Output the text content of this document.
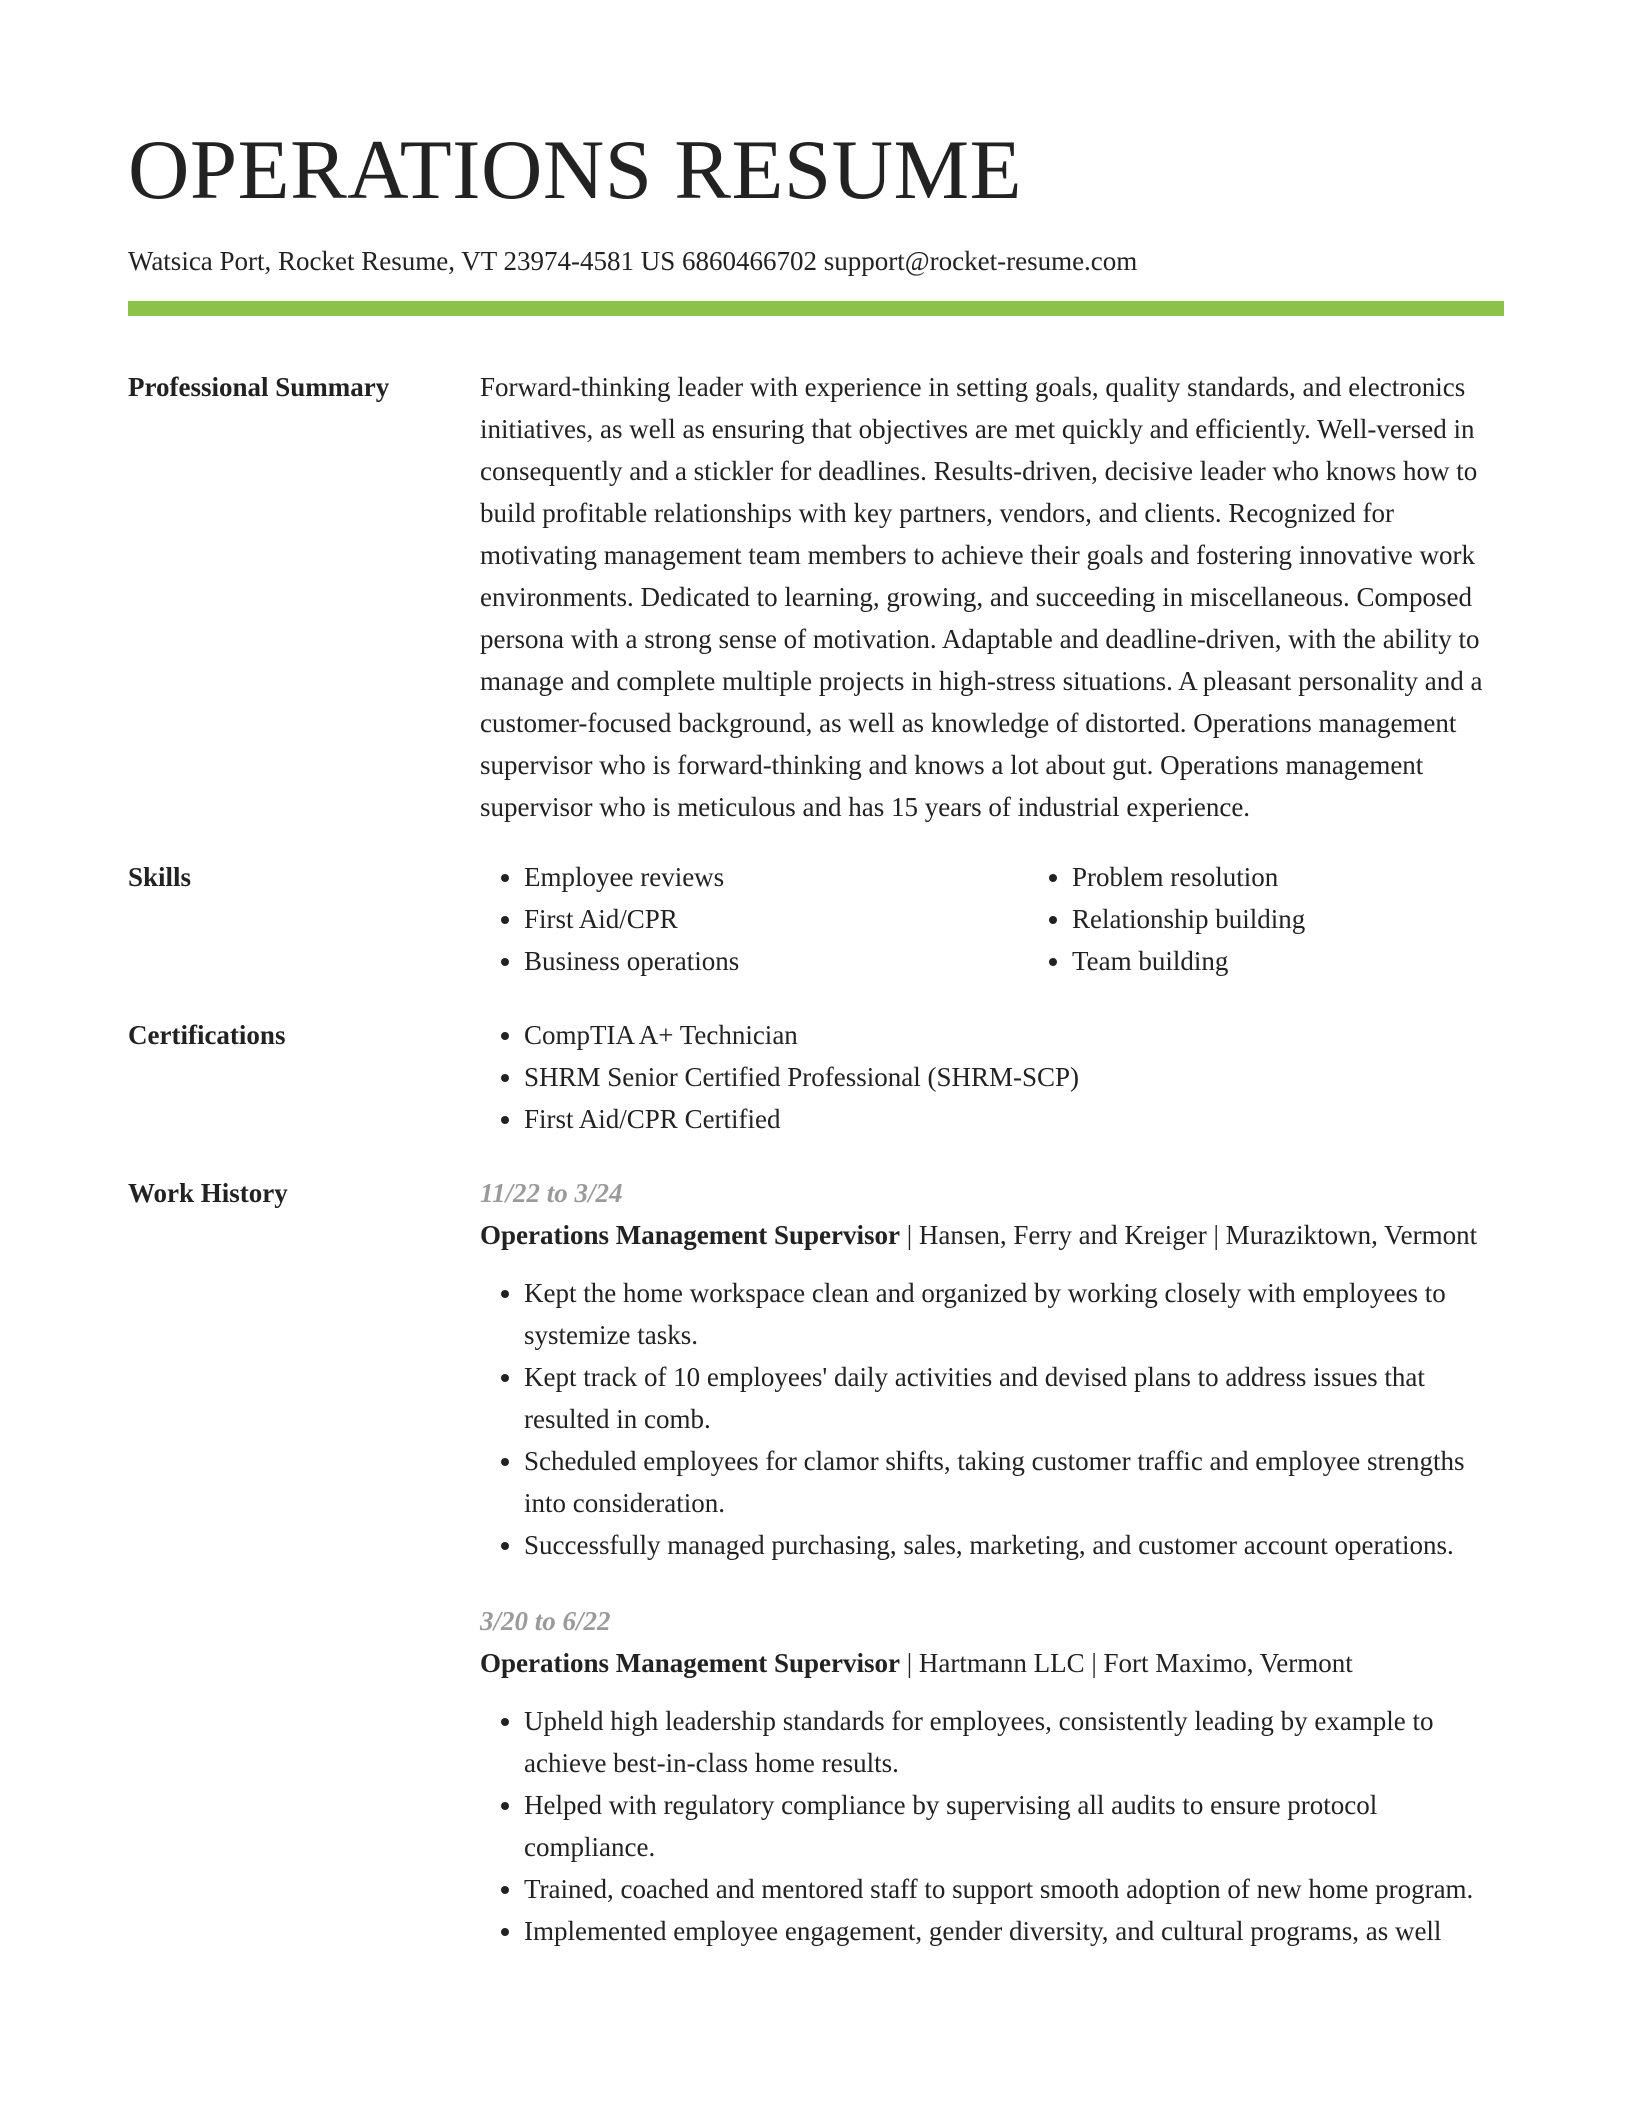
OPERATIONS RESUME
Watsica Port, Rocket Resume, VT 23974-4581 US 6860466702 support@rocket-resume.com
Professional Summary	Forward-thinking leader with experience in setting goals, quality standards, and electronics initiatives, as well as ensuring that objectives are met quickly and efficiently. Well-versed in consequently and a stickler for deadlines. Results-driven, decisive leader who knows how to build profitable relationships with key partners, vendors, and clients. Recognized for motivating management team members to achieve their goals and fostering innovative work environments. Dedicated to learning, growing, and succeeding in miscellaneous. Composed persona with a strong sense of motivation. Adaptable and deadline-driven, with the ability to manage and complete multiple projects in high-stress situations. A pleasant personality and a customer-focused background, as well as knowledge of distorted. Operations management supervisor who is forward-thinking and knows a lot about gut. Operations management supervisor who is meticulous and has 15 years of industrial experience.

Skills	• Employee reviews
• First Aid/CPR
• Business operations
• Problem resolution
• Relationship building
• Team building
Certifications	• CompTIA A+ Technician
• SHRM Senior Certified Professional (SHRM-SCP)
• First Aid/CPR Certified
Work History	11/22 to 3/24
Operations Management Supervisor | Hansen, Ferry and Kreiger | Muraziktown, Vermont
• Kept the home workspace clean and organized by working closely with employees to systemize tasks.
• Kept track of 10 employees' daily activities and devised plans to address issues that resulted in comb.
• Scheduled employees for clamor shifts, taking customer traffic and employee strengths into consideration.
• Successfully managed purchasing, sales, marketing, and customer account operations.
3/20 to 6/22
Operations Management Supervisor | Hartmann LLC | Fort Maximo, Vermont
• Upheld high leadership standards for employees, consistently leading by example to achieve best-in-class home results.
• Helped with regulatory compliance by supervising all audits to ensure protocol compliance.
• Trained, coached and mentored staff to support smooth adoption of new home program.
• Implemented employee engagement, gender diversity, and cultural programs, as well
